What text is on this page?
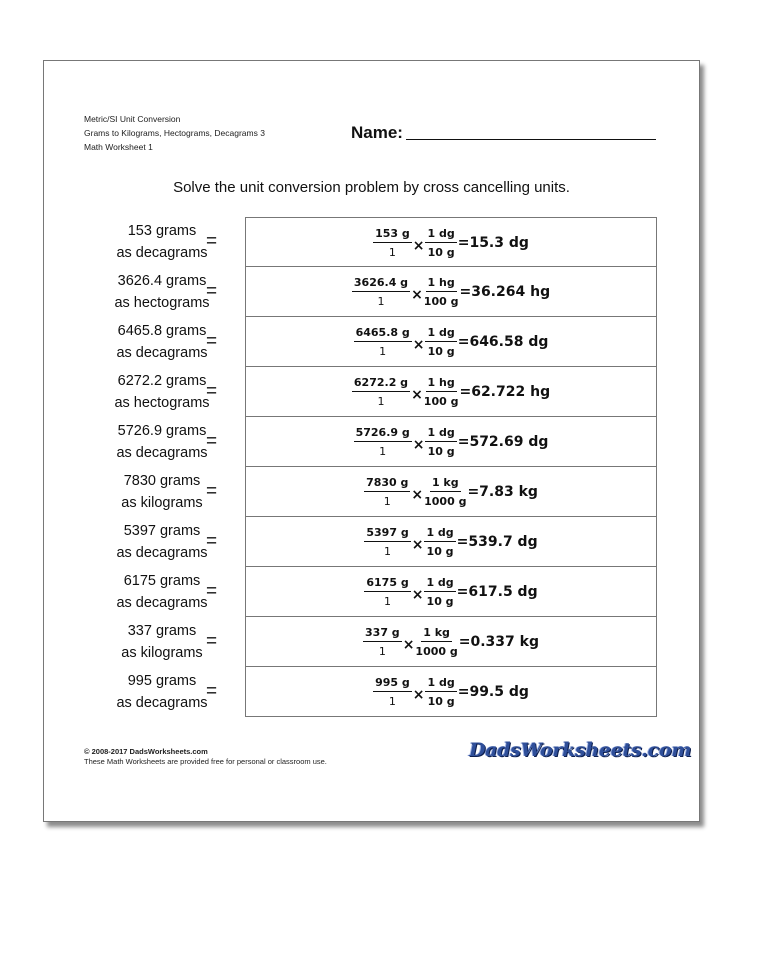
Metric/SI Unit Conversion
Grams to Kilograms, Hectograms, Decagrams 3
Math Worksheet 1
Name:
Solve the unit conversion problem by cross cancelling units.
153 grams
as decagrams
=	$\frac{153 g}{1} \times \frac{1 dg}{10 g} =15.3$ dg
3626.4 grams
as hectograms
=	$\frac{3626.4 g}{1} \times \frac{1 hg}{100 g} =36.264$ hg
6465.8 grams
as decagrams
=	$\frac{6465.8 g}{1} \times \frac{1 dg}{10 g} =646.58$ dg
6272.2 grams
as hectograms
=	$\frac{6272.2 g}{1} \times \frac{1 hg}{100 g} =62.722$ hg
5726.9 grams
as decagrams
=	$\frac{5726.9 g}{1} \times \frac{1 dg}{10 g} =572.69$ dg
7830 grams
as kilograms
=	$\frac{7830 g}{1} \times \frac{1 kg}{1000 g} =7.83$ kg
5397 grams
as decagrams
=	$\frac{5397 g}{1} \times \frac{1 dg}{10 g} =539.7$ dg
6175 grams
as decagrams
=	$\frac{6175 g}{1} \times \frac{1 dg}{10 g} =617.5$ dg
337 grams
as kilograms
=	$\frac{337 g}{1} \times \frac{1 kg}{1000 g} =0.337$ kg
995 grams
as decagrams
=	$\frac{995 g}{1} \times \frac{1 dg}{10 g} =99.5$ dg
© 2008-2017 DadsWorksheets.com
These Math Worksheets are provided free for personal or classroom use.
DadsWorksheets.com
